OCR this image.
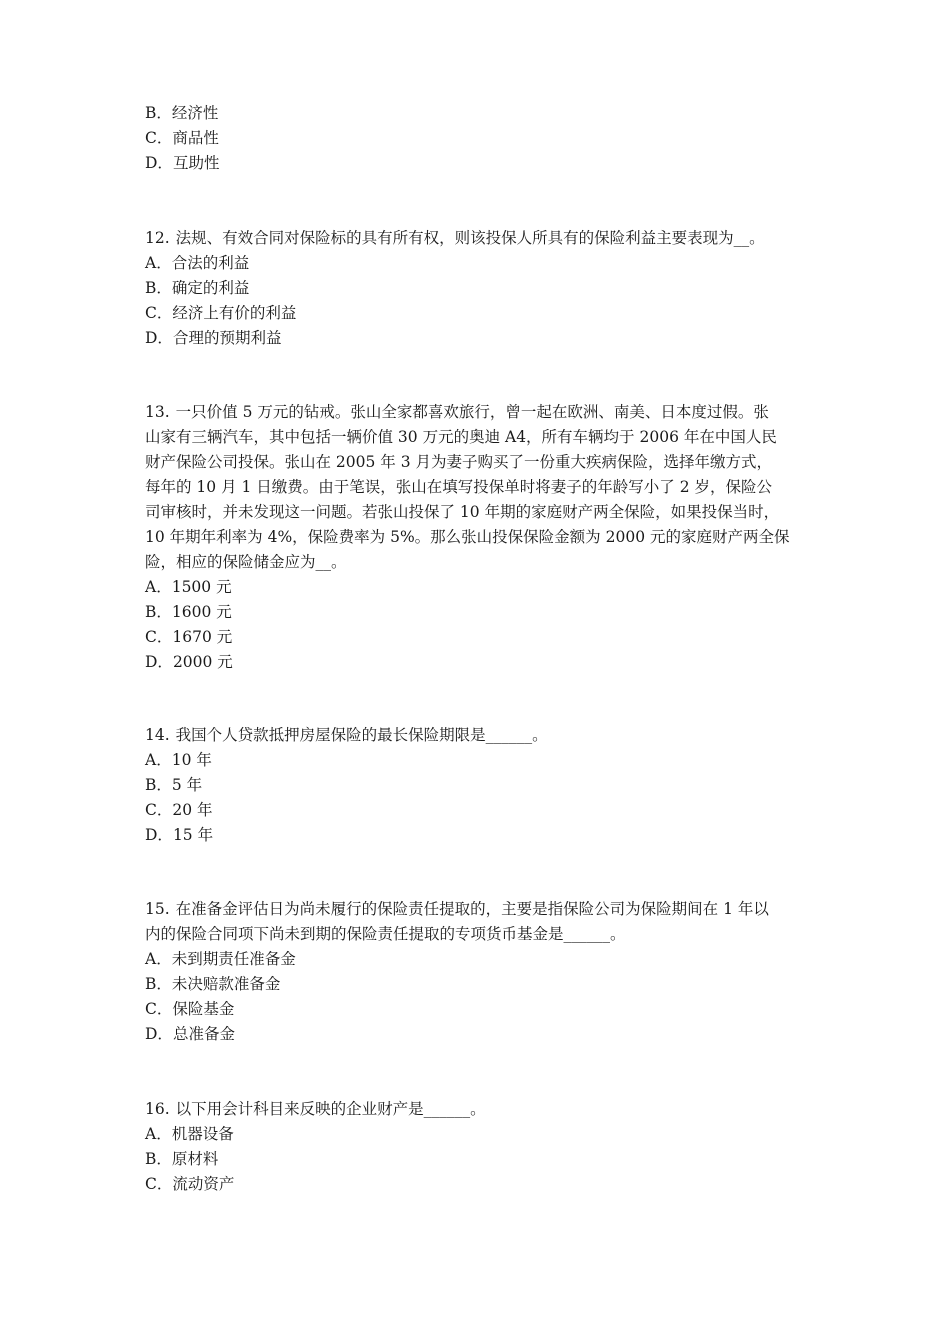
B．经济性
C．商品性
D．互助性
12. 法规、有效合同对保险标的具有所有权，则该投保人所具有的保险利益主要表现为__。
A．合法的利益
B．确定的利益
C．经济上有价的利益
D．合理的预期利益
13. 一只价值 5 万元的钻戒。张山全家都喜欢旅行，曾一起在欧洲、南美、日本度过假。张
山家有三辆汽车，其中包括一辆价值 30 万元的奥迪 A4，所有车辆均于 2006 年在中国人民
财产保险公司投保。张山在 2005 年 3 月为妻子购买了一份重大疾病保险，选择年缴方式，
每年的 10 月 1 日缴费。由于笔误，张山在填写投保单时将妻子的年龄写小了 2 岁，保险公
司审核时，并未发现这一问题。若张山投保了 10 年期的家庭财产两全保险，如果投保当时，
10 年期年利率为 4%，保险费率为 5%。那么张山投保保险金额为 2000 元的家庭财产两全保
险，相应的保险储金应为__。
A．1500 元
B．1600 元
C．1670 元
D．2000 元
14. 我国个人贷款抵押房屋保险的最长保险期限是______。
A．10 年
B．5 年
C．20 年
D．15 年
15. 在准备金评估日为尚未履行的保险责任提取的，主要是指保险公司为保险期间在 1 年以
内的保险合同项下尚未到期的保险责任提取的专项货币基金是______。
A．未到期责任准备金
B．未决赔款准备金
C．保险基金
D．总准备金
16. 以下用会计科目来反映的企业财产是______。
A．机器设备
B．原材料
C．流动资产
